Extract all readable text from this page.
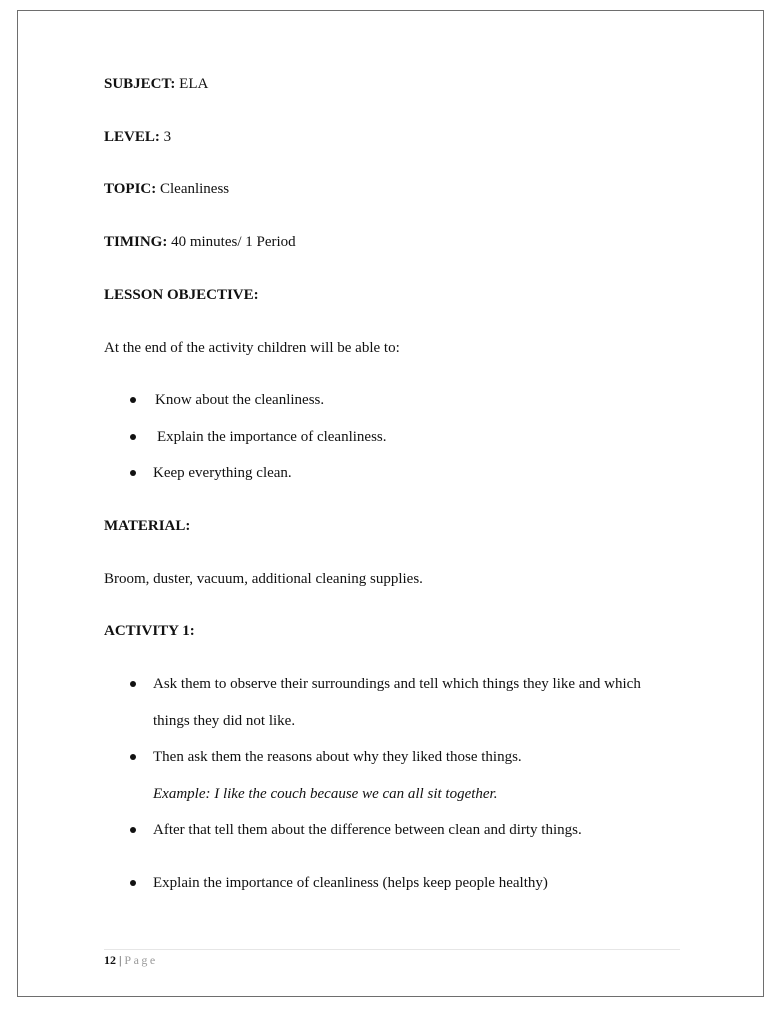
SUBJECT: ELA
LEVEL: 3
TOPIC: Cleanliness
TIMING: 40 minutes/ 1 Period
LESSON OBJECTIVE:
At the end of the activity children will be able to:
Know about the cleanliness.
Explain the importance of cleanliness.
Keep everything clean.
MATERIAL:
Broom, duster, vacuum, additional cleaning supplies.
ACTIVITY 1:
Ask them to observe their surroundings and tell which things they like and which
things they did not like.
Then ask them the reasons about why they liked those things.
Example: I like the couch because we can all sit together.
After that tell them about the difference between clean and dirty things.
Explain the importance of cleanliness (helps keep people healthy)
12 | Page
